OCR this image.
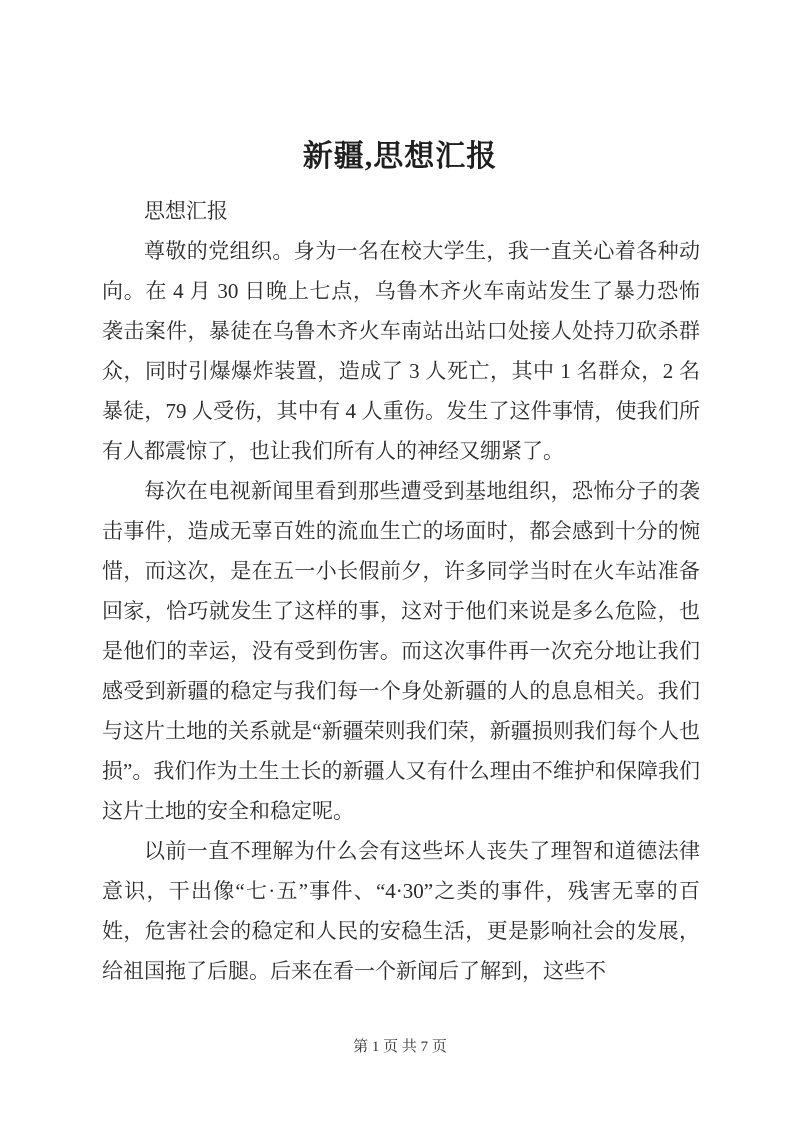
新疆,思想汇报

思想汇报

尊敬的党组织。身为一名在校大学生，我一直关心着各种动向。在 4 月 30 日晚上七点，乌鲁木齐火车南站发生了暴力恐怖袭击案件，暴徒在乌鲁木齐火车南站出站口处接人处持刀砍杀群众，同时引爆爆炸装置，造成了 3 人死亡，其中 1 名群众，2 名暴徒，79 人受伤，其中有 4 人重伤。发生了这件事情，使我们所有人都震惊了，也让我们所有人的神经又绷紧了。

每次在电视新闻里看到那些遭受到基地组织，恐怖分子的袭击事件，造成无辜百姓的流血生亡的场面时，都会感到十分的惋惜，而这次，是在五一小长假前夕，许多同学当时在火车站准备回家，恰巧就发生了这样的事，这对于他们来说是多么危险，也是他们的幸运，没有受到伤害。而这次事件再一次充分地让我们感受到新疆的稳定与我们每一个身处新疆的人的息息相关。我们与这片土地的关系就是“新疆荣则我们荣，新疆损则我们每个人也损”。我们作为土生土长的新疆人又有什么理由不维护和保障我们这片土地的安全和稳定呢。

以前一直不理解为什么会有这些坏人丧失了理智和道德法律意识，干出像“七·五”事件、“4·30”之类的事件，残害无辜的百姓，危害社会的稳定和人民的安稳生活，更是影响社会的发展，给祖国拖了后腿。后来在看一个新闻后了解到，这些不

第 1 页 共 7 页
